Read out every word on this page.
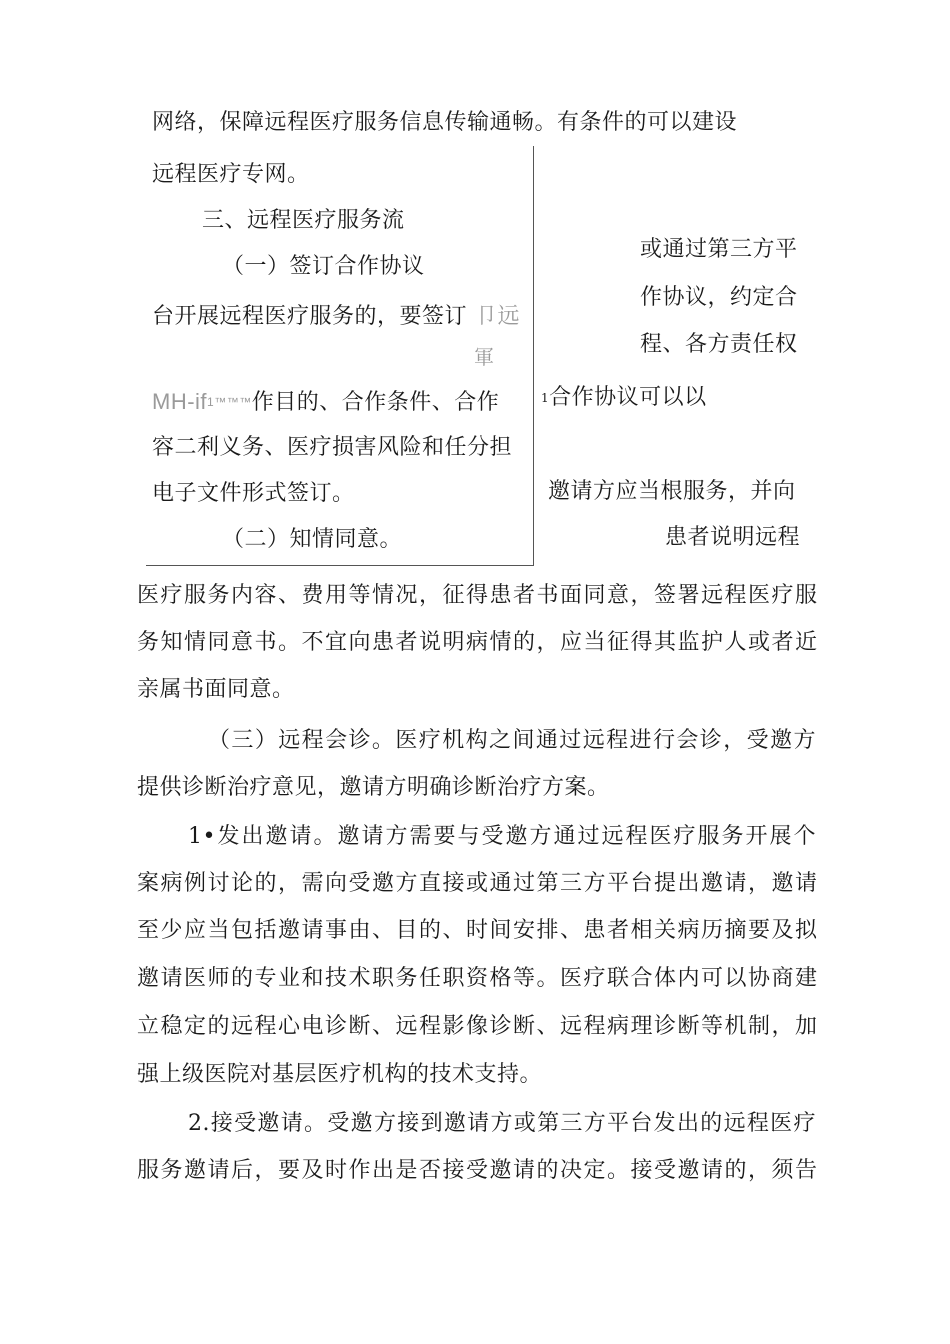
网络，保障远程医疗服务信息传输通畅。有条件的可以建设
远程医疗专网。
三、远程医疗服务流
（一）签订合作协议
台开展远程医疗服务的，要签订 卩远
軍
$MH-if^{1™™™}$作目的、合作条件、合作
容二利义务、医疗损害风险和任分担
电子文件形式签订。
（二）知情同意。
或通过第三方平
作协议，约定合
程、各方责任权
$^1$合作协议可以以
邀请方应当根服务，并向
患者说明远程
医疗服务内容、费用等情况，征得患者书面同意，签署远程医疗服
务知情同意书。不宜向患者说明病情的，应当征得其监护人或者近
亲属书面同意。
（三）远程会诊。医疗机构之间通过远程进行会诊，受邀方
提供诊断治疗意见，邀请方明确诊断治疗方案。
1•发出邀请。邀请方需要与受邀方通过远程医疗服务开展个
案病例讨论的，需向受邀方直接或通过第三方平台提出邀请，邀请
至少应当包括邀请事由、目的、时间安排、患者相关病历摘要及拟
邀请医师的专业和技术职务任职资格等。医疗联合体内可以协商建
立稳定的远程心电诊断、远程影像诊断、远程病理诊断等机制，加
强上级医院对基层医疗机构的技术支持。
2.接受邀请。受邀方接到邀请方或第三方平台发出的远程医疗
服务邀请后，要及时作出是否接受邀请的决定。接受邀请的，须告
